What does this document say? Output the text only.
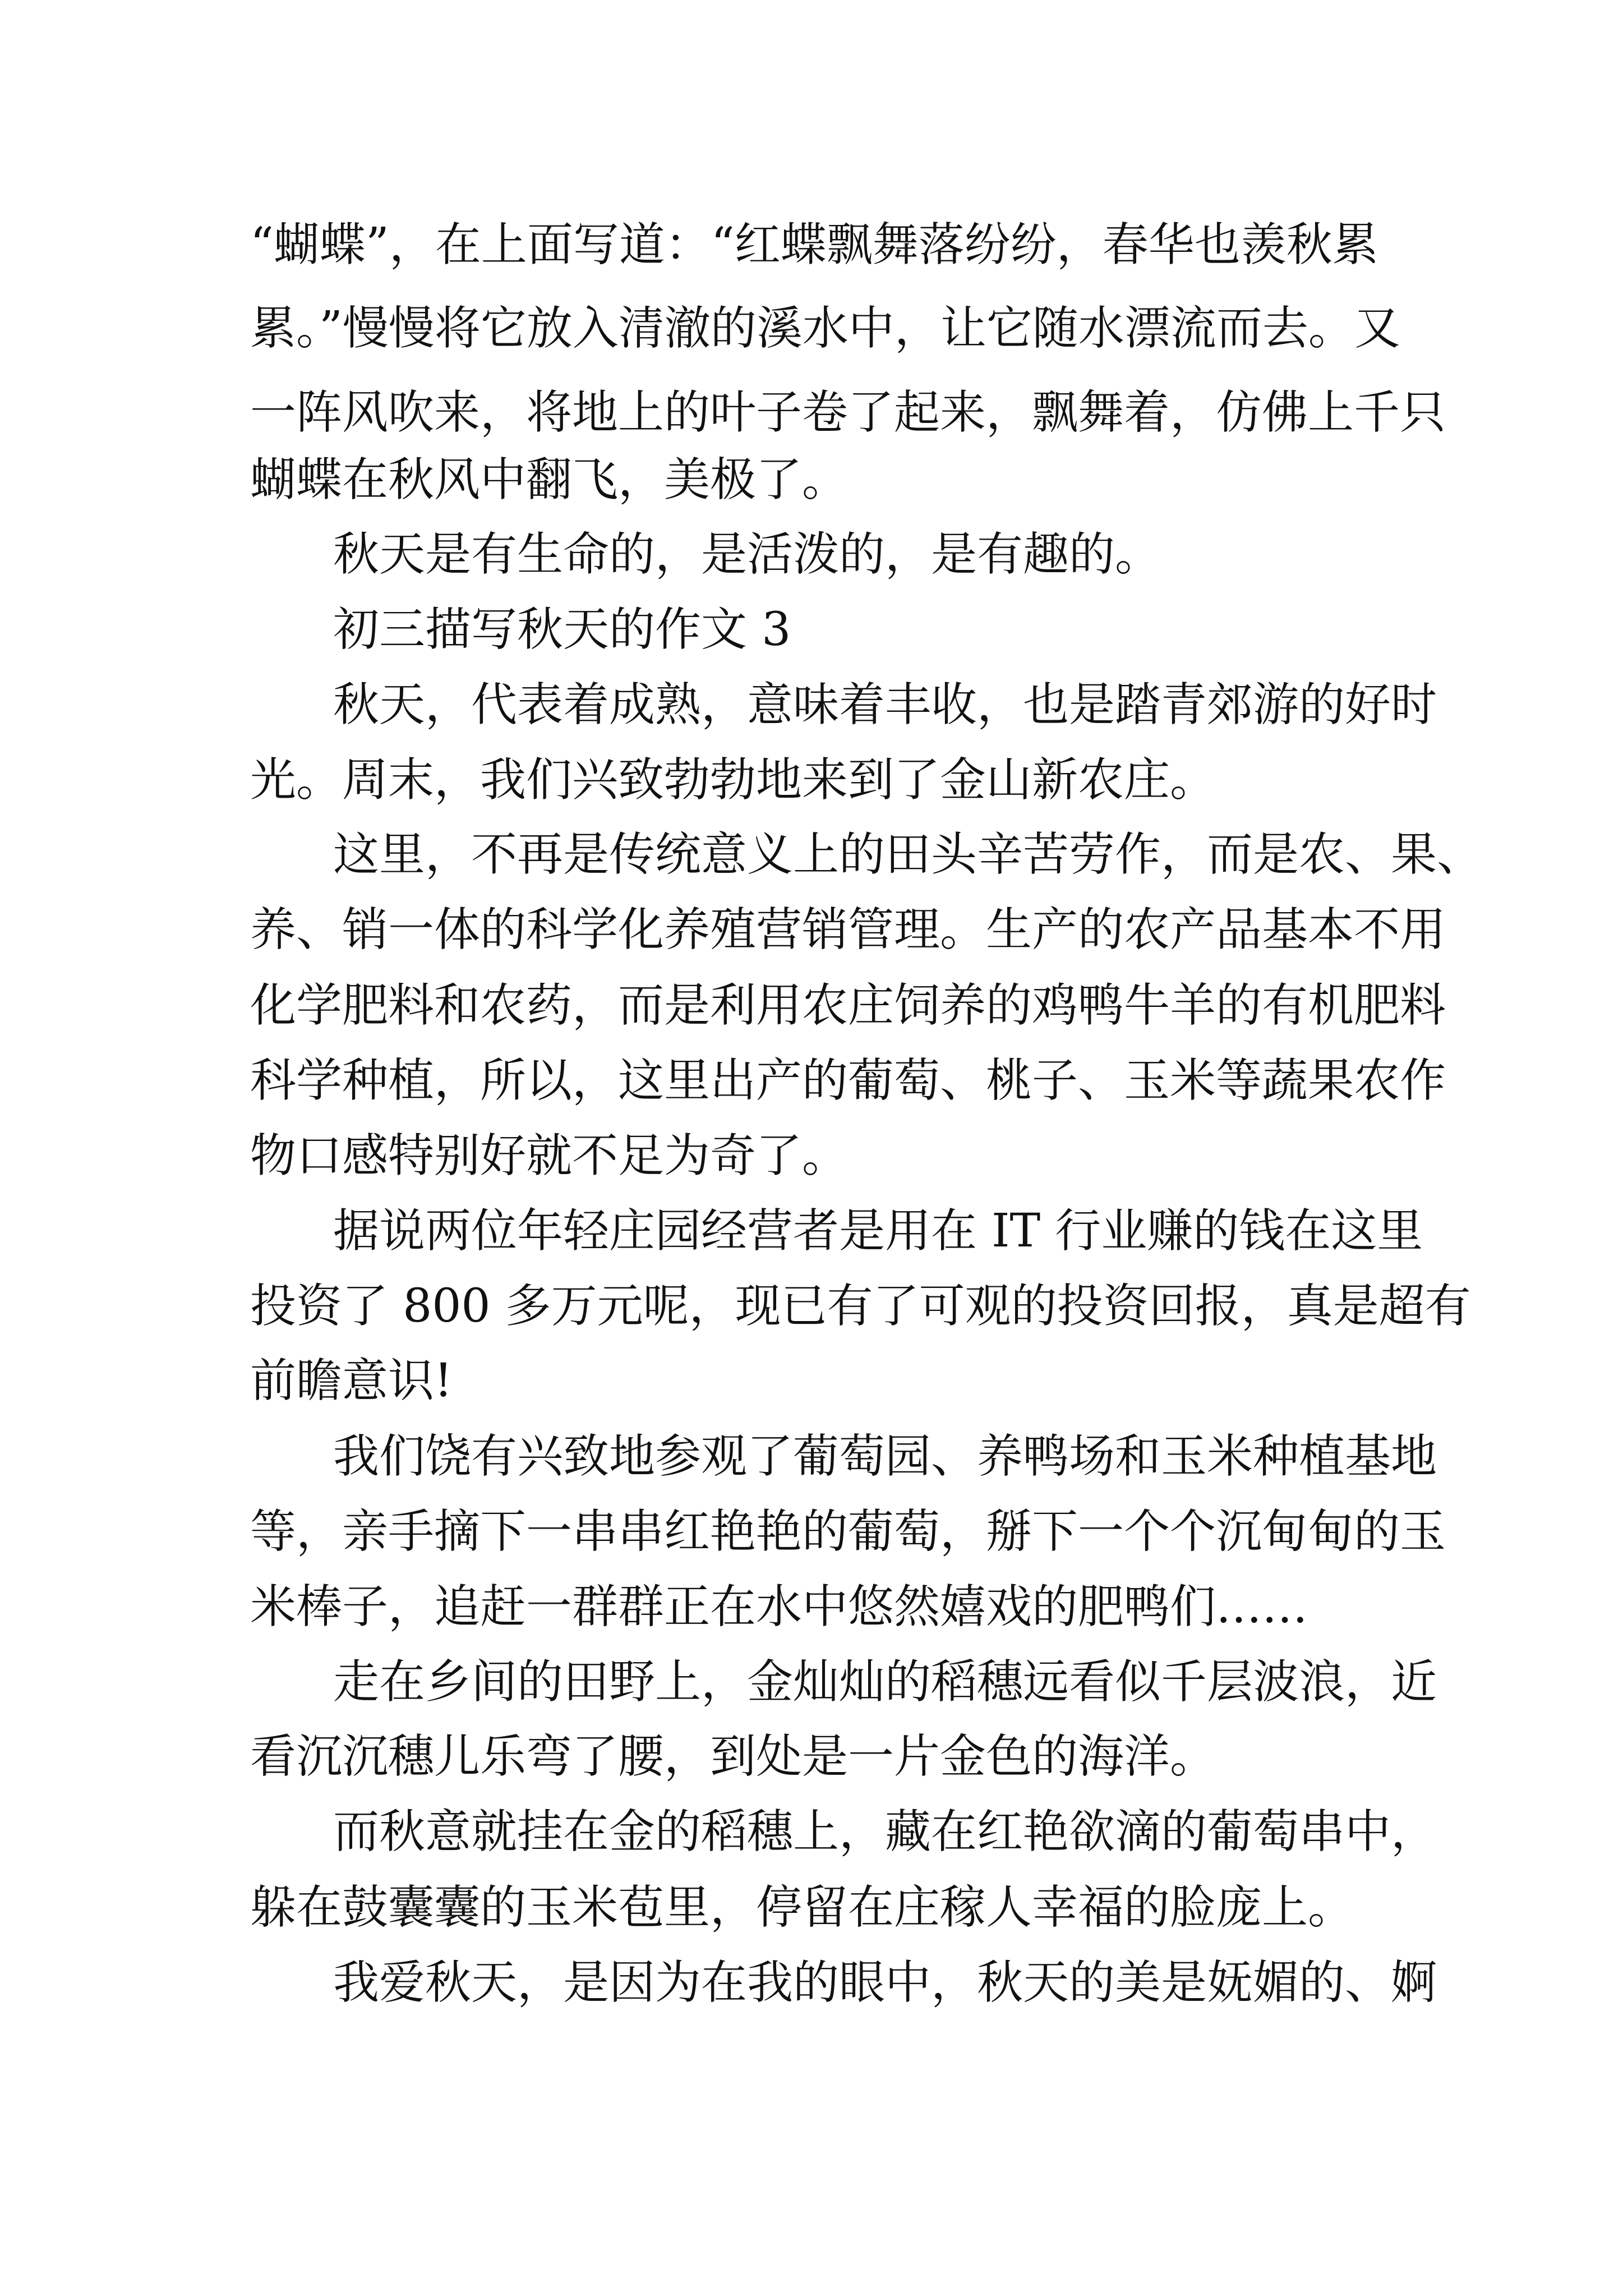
“蝴蝶”，在上面写道：“红蝶飘舞落纷纷，春华也羡秋累
累。”慢慢将它放入清澈的溪水中，让它随水漂流而去。又
一阵风吹来，将地上的叶子卷了起来，飘舞着，仿佛上千只
蝴蝶在秋风中翻飞，美极了。
秋天是有生命的，是活泼的，是有趣的。
初三描写秋天的作文 3
秋天，代表着成熟，意味着丰收，也是踏青郊游的好时
光。周末，我们兴致勃勃地来到了金山新农庄。
这里，不再是传统意义上的田头辛苦劳作，而是农、果、
养、销一体的科学化养殖营销管理。生产的农产品基本不用
化学肥料和农药，而是利用农庄饲养的鸡鸭牛羊的有机肥料
科学种植，所以，这里出产的葡萄、桃子、玉米等蔬果农作
物口感特别好就不足为奇了。
据说两位年轻庄园经营者是用在 IT 行业赚的钱在这里
投资了 800 多万元呢，现已有了可观的投资回报，真是超有
前瞻意识!
我们饶有兴致地参观了葡萄园、养鸭场和玉米种植基地
等，亲手摘下一串串红艳艳的葡萄，掰下一个个沉甸甸的玉
米棒子，追赶一群群正在水中悠然嬉戏的肥鸭们……
走在乡间的田野上，金灿灿的稻穗远看似千层波浪，近
看沉沉穗儿乐弯了腰，到处是一片金色的海洋。
而秋意就挂在金的稻穗上，藏在红艳欲滴的葡萄串中，
躲在鼓囊囊的玉米苞里，停留在庄稼人幸福的脸庞上。
我爱秋天，是因为在我的眼中，秋天的美是妩媚的、婀
